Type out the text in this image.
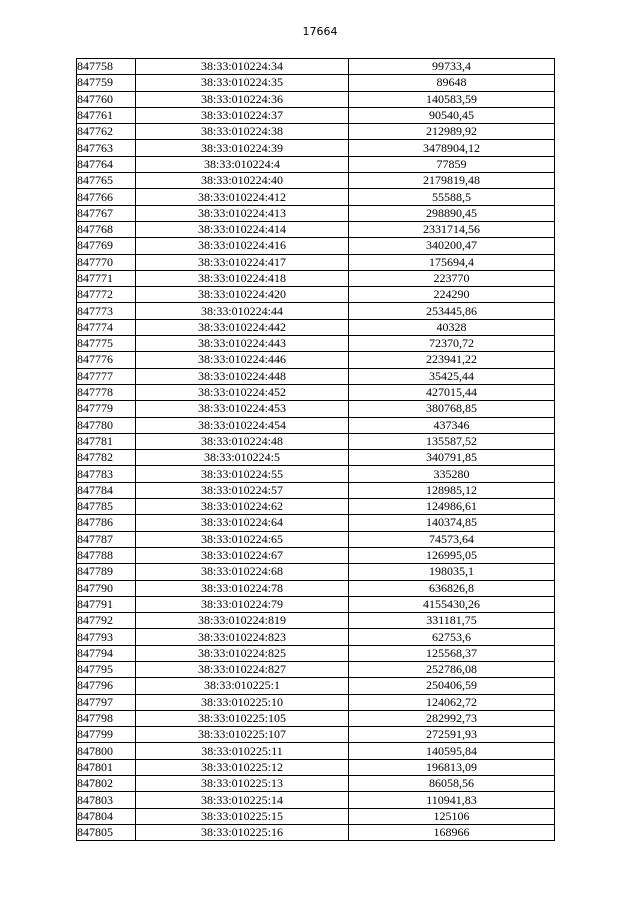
17664
847758	38:33:010224:34	99733,4
847759	38:33:010224:35	89648
847760	38:33:010224:36	140583,59
847761	38:33:010224:37	90540,45
847762	38:33:010224:38	212989,92
847763	38:33:010224:39	3478904,12
847764	38:33:010224:4	77859
847765	38:33:010224:40	2179819,48
847766	38:33:010224:412	55588,5
847767	38:33:010224:413	298890,45
847768	38:33:010224:414	2331714,56
847769	38:33:010224:416	340200,47
847770	38:33:010224:417	175694,4
847771	38:33:010224:418	223770
847772	38:33:010224:420	224290
847773	38:33:010224:44	253445,86
847774	38:33:010224:442	40328
847775	38:33:010224:443	72370,72
847776	38:33:010224:446	223941,22
847777	38:33:010224:448	35425,44
847778	38:33:010224:452	427015,44
847779	38:33:010224:453	380768,85
847780	38:33:010224:454	437346
847781	38:33:010224:48	135587,52
847782	38:33:010224:5	340791,85
847783	38:33:010224:55	335280
847784	38:33:010224:57	128985,12
847785	38:33:010224:62	124986,61
847786	38:33:010224:64	140374,85
847787	38:33:010224:65	74573,64
847788	38:33:010224:67	126995,05
847789	38:33:010224:68	198035,1
847790	38:33:010224:78	636826,8
847791	38:33:010224:79	4155430,26
847792	38:33:010224:819	331181,75
847793	38:33:010224:823	62753,6
847794	38:33:010224:825	125568,37
847795	38:33:010224:827	252786,08
847796	38:33:010225:1	250406,59
847797	38:33:010225:10	124062,72
847798	38:33:010225:105	282992,73
847799	38:33:010225:107	272591,93
847800	38:33:010225:11	140595,84
847801	38:33:010225:12	196813,09
847802	38:33:010225:13	86058,56
847803	38:33:010225:14	110941,83
847804	38:33:010225:15	125106
847805	38:33:010225:16	168966
